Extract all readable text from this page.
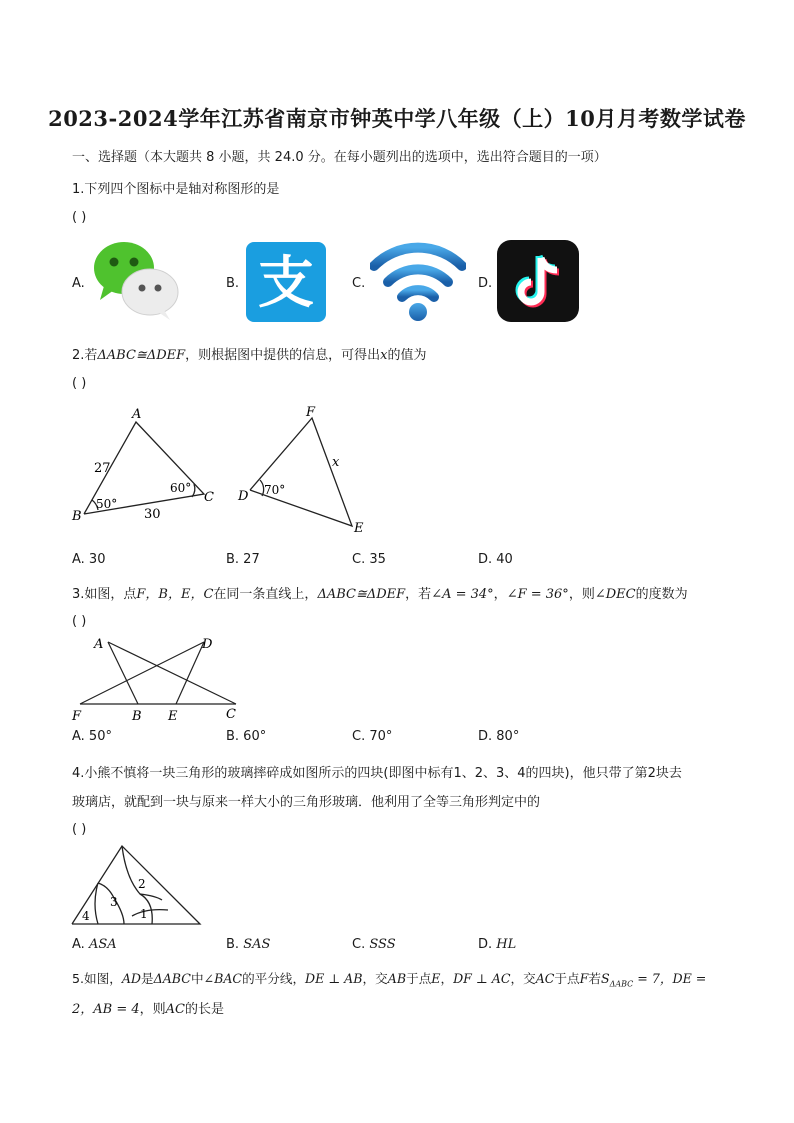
2023-2024学年江苏省南京市钟英中学八年级（上）10月月考数学试卷
一、选择题（本大题共 8 小题，共 24.0 分。在每小题列出的选项中，选出符合题目的一项）
1.下列四个图标中是轴对称图形的是
( )
A.	B.	C.	D.
支
2.若ΔABC≅ΔDEF，则根据图中提供的信息，可得出x的值为
( )
A
B
C D
E
F
27
30
50°
60°	70°
x
A. 30	B. 27	C. 35	D. 40
3.如图，点F，B，E，C在同一条直线上，ΔABC≅ΔDEF，若∠A = 34°，∠F = 36°，则∠DEC的度数为
( )
A	D
F	B E	C
A. 50°	B. 60°	C. 70°	D. 80°
4.小熊不慎将一块三角形的玻璃摔碎成如图所示的四块(即图中标有1、2、3、4的四块)，他只带了第2块去
玻璃店，就配到一块与原来一样大小的三角形玻璃．他利用了全等三角形判定中的
( )
1
2
3
4
A. ASA	B. SAS	C. SSS	D. HL
5.如图，AD是ΔABC中∠BAC的平分线，DE ⊥ AB，交AB于点E，DF ⊥ AC，交AC于点F若$S_{\Delta ABC} = 7$，DE =
2，AB = 4，则AC的长是
